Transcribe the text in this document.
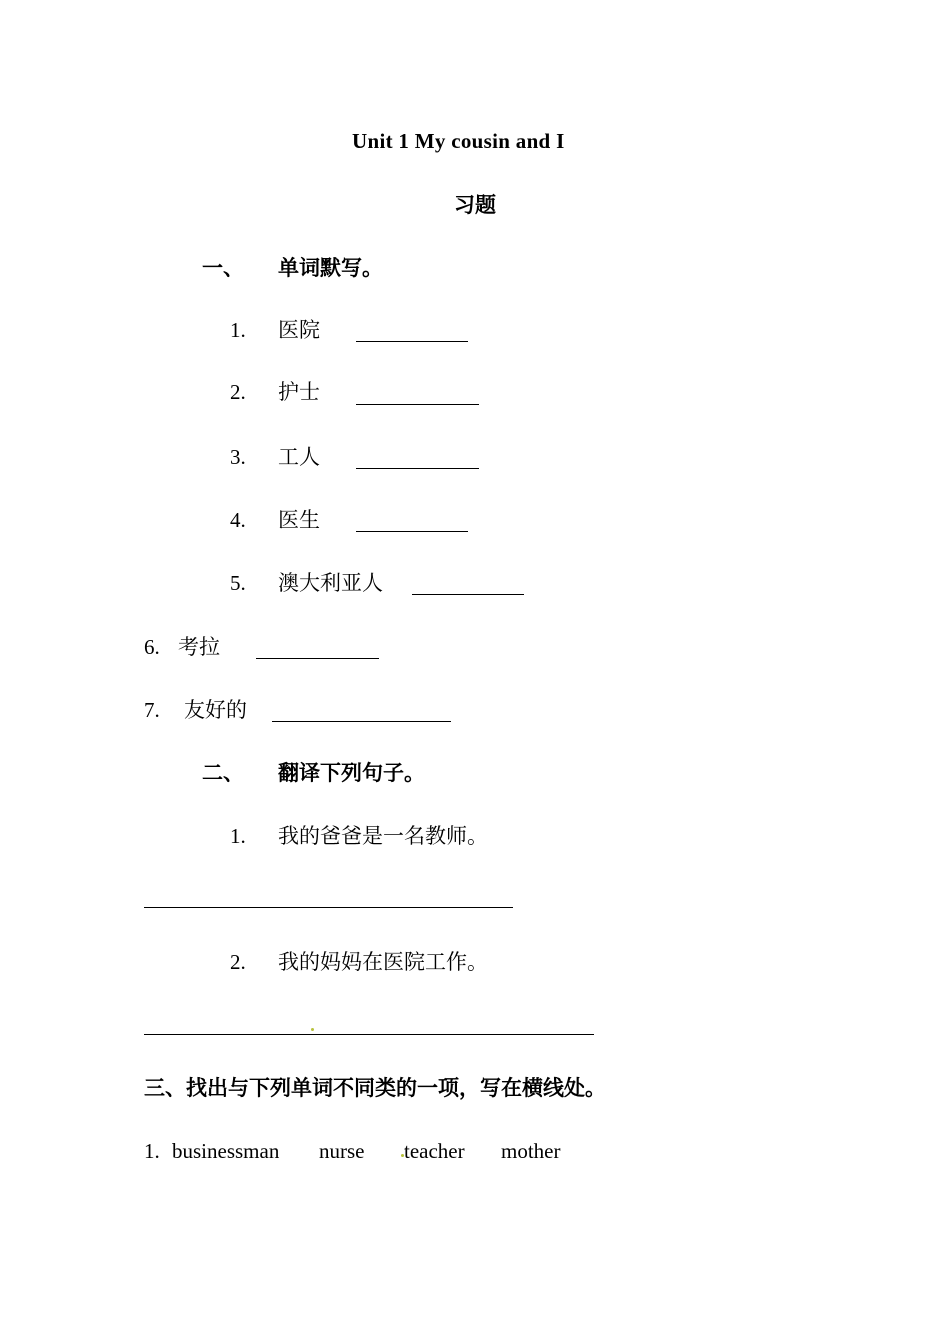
Unit 1 My cousin and I
习题
一、 单词默写。
1. 医院
2. 护士
3. 工人
4. 医生
5. 澳大利亚人
6. 考拉
7. 友好的
二、 翻译下列句子。
1. 我的爸爸是一名教师。
2. 我的妈妈在医院工作。
三、找出与下列单词不同类的一项，写在横线处。
1. businessman nurse teacher mother
